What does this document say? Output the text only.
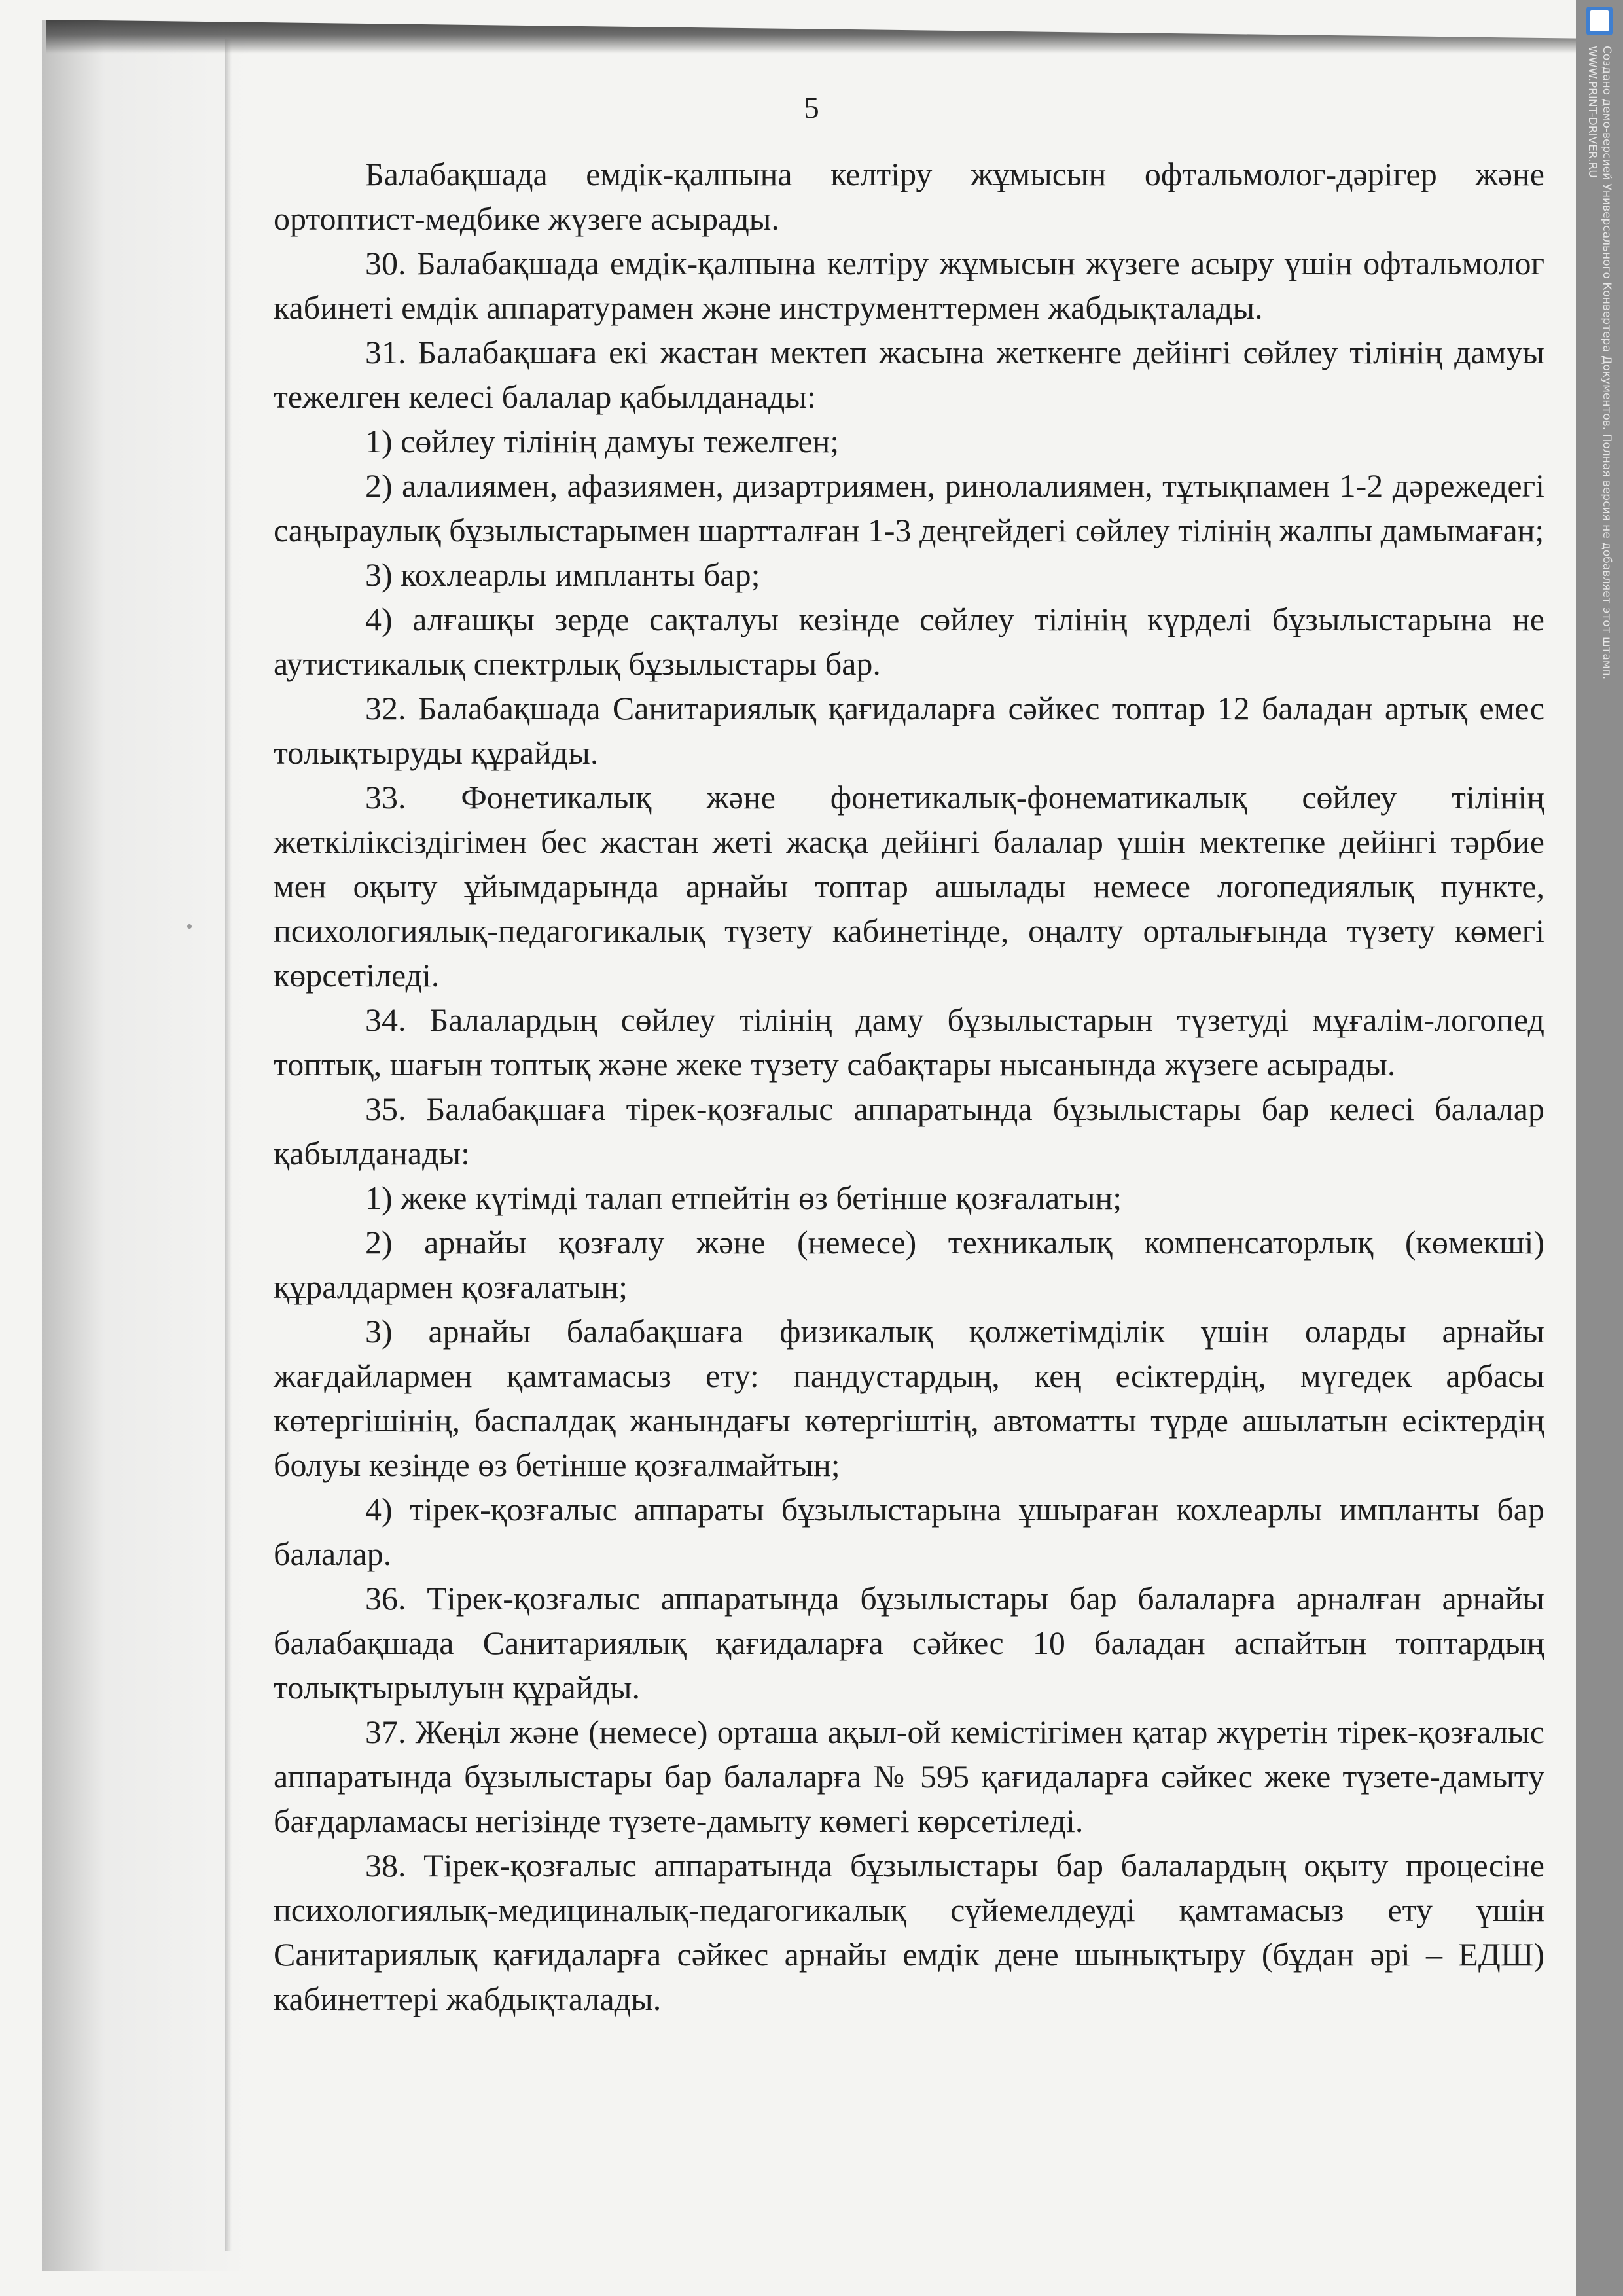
Создано демо-версией Универсального Конвертера Документов. Полная версия не добавляет этот штамп.
WWW.PRINT-DRIVER.RU
5

Балабақшада емдік-қалпына келтіру жұмысын офтальмолог-дәрігер және ортоптист-медбике жүзеге асырады.

30. Балабақшада емдік-қалпына келтіру жұмысын жүзеге асыру үшін офтальмолог кабинеті емдік аппаратурамен және инструменттермен жабдықталады.

31. Балабақшаға екі жастан мектеп жасына жеткенге дейінгі сөйлеу тілінің дамуы тежелген келесі балалар қабылданады:

1) сөйлеу тілінің дамуы тежелген;

2) алалиямен, афазиямен, дизартриямен, ринолалиямен, тұтықпамен 1-2 дәрежедегі саңыраулық бұзылыстарымен шартталған 1-3 деңгейдегі сөйлеу тілінің жалпы дамымаған;

3) кохлеарлы импланты бар;

4) алғашқы зерде сақталуы кезінде сөйлеу тілінің күрделі бұзылыстарына не аутистикалық спектрлық бұзылыстары бар.

32. Балабақшада Санитариялық қағидаларға сәйкес топтар 12 баладан артық емес толықтыруды құрайды.

33. Фонетикалық және фонетикалық-фонематикалық сөйлеу тілінің жеткіліксіздігімен бес жастан жеті жасқа дейінгі балалар үшін мектепке дейінгі тәрбие мен оқыту ұйымдарында арнайы топтар ашылады немесе логопедиялық пункте, психологиялық-педагогикалық түзету кабинетінде, оңалту орталығында түзету көмегі көрсетіледі.

34. Балалардың сөйлеу тілінің даму бұзылыстарын түзетуді мұғалім-логопед топтық, шағын топтық және жеке түзету сабақтары нысанында жүзеге асырады.

35. Балабақшаға тірек-қозғалыс аппаратында бұзылыстары бар келесі балалар қабылданады:

1) жеке күтімді талап етпейтін өз бетінше қозғалатын;

2) арнайы қозғалу және (немесе) техникалық компенсаторлық (көмекші) құралдармен қозғалатын;

3) арнайы балабақшаға физикалық қолжетімділік үшін оларды арнайы жағдайлармен қамтамасыз ету: пандустардың, кең есіктердің, мүгедек арбасы көтергішінің, баспалдақ жанындағы көтергіштің, автоматты түрде ашылатын есіктердің болуы кезінде өз бетінше қозғалмайтын;

4) тірек-қозғалыс аппараты бұзылыстарына ұшыраған кохлеарлы импланты бар балалар.

36. Тірек-қозғалыс аппаратында бұзылыстары бар балаларға арналған арнайы балабақшада Санитариялық қағидаларға сәйкес 10 баладан аспайтын топтардың толықтырылуын құрайды.

37. Жеңіл және (немесе) орташа ақыл-ой кемістігімен қатар жүретін тірек-қозғалыс аппаратында бұзылыстары бар балаларға № 595 қағидаларға сәйкес жеке түзете-дамыту бағдарламасы негізінде түзете-дамыту көмегі көрсетіледі.

38. Тірек-қозғалыс аппаратында бұзылыстары бар балалардың оқыту процесіне психологиялық-медициналық-педагогикалық сүйемелдеуді қамтамасыз ету үшін Санитариялық қағидаларға сәйкес арнайы емдік дене шынықтыру (бұдан әрі – ЕДШ) кабинеттері жабдықталады.
